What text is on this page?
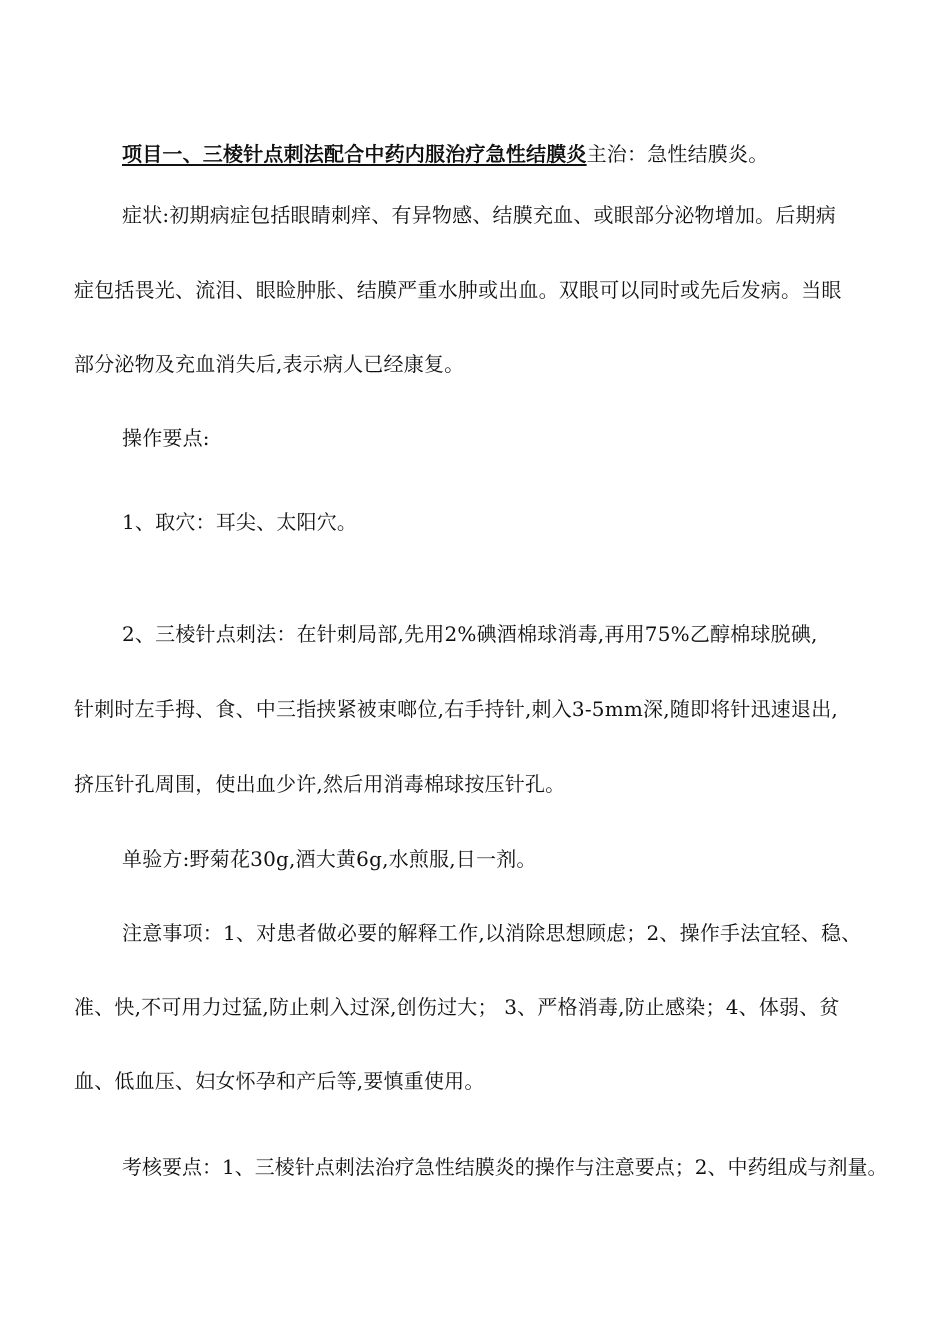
项目一、三棱针点刺法配合中药内服治疗急性结膜炎主治：急性结膜炎。
症状:初期病症包括眼睛刺痒、有异物感、结膜充血、或眼部分泌物增加。后期病
症包括畏光、流泪、眼睑肿胀、结膜严重水肿或出血。双眼可以同时或先后发病。当眼
部分泌物及充血消失后,表示病人已经康复。
操作要点:
1、取穴：耳尖、太阳穴。
2、三棱针点刺法：在针刺局部,先用2%碘酒棉球消毒,再用75%乙醇棉球脱碘,
针刺时左手拇、食、中三指挟紧被束啷位,右手持针,刺入3-5mm深,随即将针迅速退出,
挤压针孔周围，使出血少许,然后用消毒棉球按压针孔。
单验方:野菊花30g,酒大黄6g,水煎服,日一剂。
注意事项：1、对患者做必要的解释工作,以消除思想顾虑；2、操作手法宜轻、稳、
准、快,不可用力过猛,防止刺入过深,创伤过大； 3、严格消毒,防止感染；4、体弱、贫
血、低血压、妇女怀孕和产后等,要慎重使用。
考核要点：1、三棱针点刺法治疗急性结膜炎的操作与注意要点；2、中药组成与剂量。
